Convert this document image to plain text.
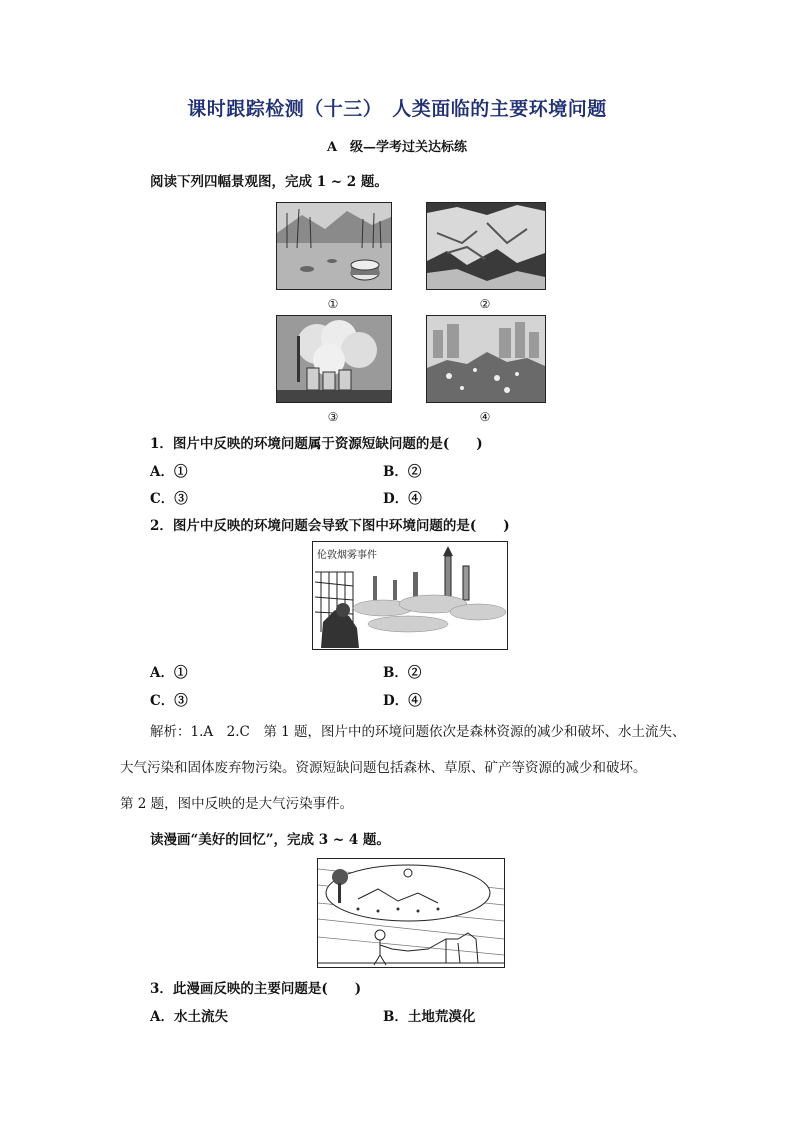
课时跟踪检测（十三）　人类面临的主要环境问题
A　级—学考过关达标练
阅读下列四幅景观图，完成 1 ~ 2 题。
①	②
③	④
1．图片中反映的环境问题属于资源短缺问题的是(　　)
A．①	B．②
C．③	D．④
2．图片中反映的环境问题会导致下图中环境问题的是(　　)
伦敦烟雾事件
A．①	B．②
C．③	D．④
解析：1.A　2.C　第 1 题，图片中的环境问题依次是森林资源的减少和破坏、水土流失、
大气污染和固体废弃物污染。资源短缺问题包括森林、草原、矿产等资源的减少和破坏。
第 2 题，图中反映的是大气污染事件。
读漫画“美好的回忆”，完成 3 ~ 4 题。
3．此漫画反映的主要问题是(　　)
A．水土流失	B．土地荒漠化
